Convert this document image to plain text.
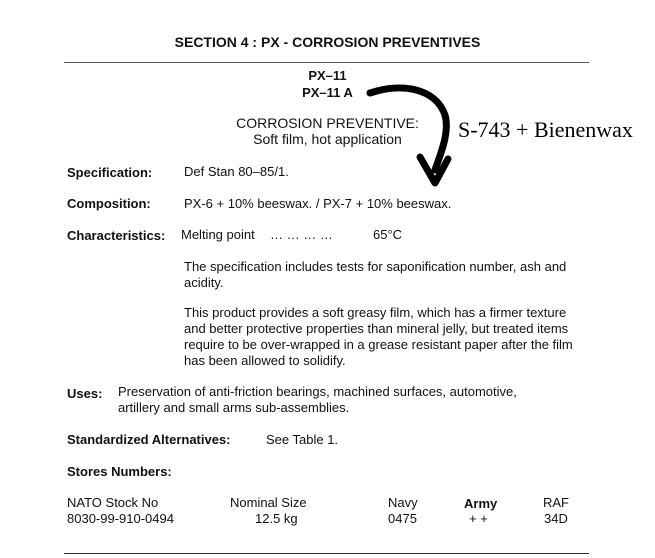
SECTION 4 : PX - CORROSION PREVENTIVES
PX–11
PX–11 A
CORROSION PREVENTIVE:
Soft film, hot application	S-743 + Bienenwax
Specification: Def Stan 80–85/1.
Composition:	PX-6 + 10% beeswax. / PX-7 + 10% beeswax.
Characteristics: Melting point … … … …	65°C
The specification includes tests for saponification number, ash and acidity.
This product provides a soft greasy film, which has a firmer texture and better protective properties than mineral jelly, but treated items require to be over-wrapped in a grease resistant paper after the film has been allowed to solidify.
Uses: Preservation of anti-friction bearings, machined surfaces, automotive,
artillery and small arms sub-assemblies.
Standardized Alternatives:	See Table 1.
Stores Numbers:
NATO Stock No	Nominal Size	Navy	Army	RAF
8030-99-910-0494	12.5 kg	0475	+ +	34D
